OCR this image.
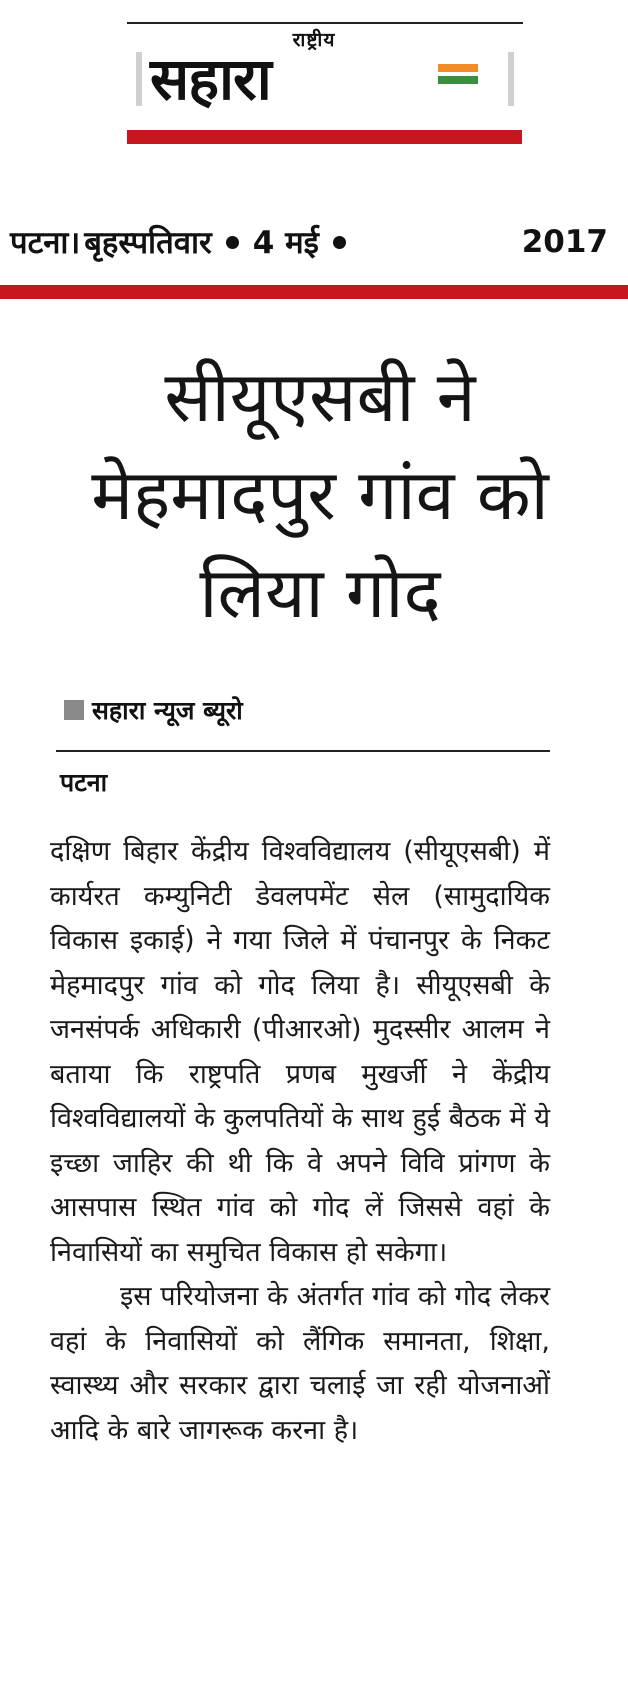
राष्ट्रीय
सहारा
पटना । बृहस्पतिवार 4 मई	2017
सीयूएसबी ने मेहमादपुर गांव को लिया गोद
सहारा न्यूज ब्यूरो
पटना

दक्षिण बिहार केंद्रीय विश्वविद्यालय (सीयूएसबी) में कार्यरत कम्युनिटी डेवलपमेंट सेल (सामुदायिक विकास इकाई) ने गया जिले में पंचानपुर के निकट मेहमादपुर गांव को गोद लिया है। सीयूएसबी के जनसंपर्क अधिकारी (पीआरओ) मुदस्सीर आलम ने बताया कि राष्ट्रपति प्रणब मुखर्जी ने केंद्रीय विश्वविद्यालयों के कुलपतियों के साथ हुई बैठक में ये इच्छा जाहिर की थी कि वे अपने विवि प्रांगण के आसपास स्थित गांव को गोद लें जिससे वहां के निवासियों का समुचित विकास हो सकेगा।

इस परियोजना के अंतर्गत गांव को गोद लेकर वहां के निवासियों को लैंगिक समानता, शिक्षा, स्वास्थ्य और सरकार द्वारा चलाई जा रही योजनाओं आदि के बारे जागरूक करना है।
